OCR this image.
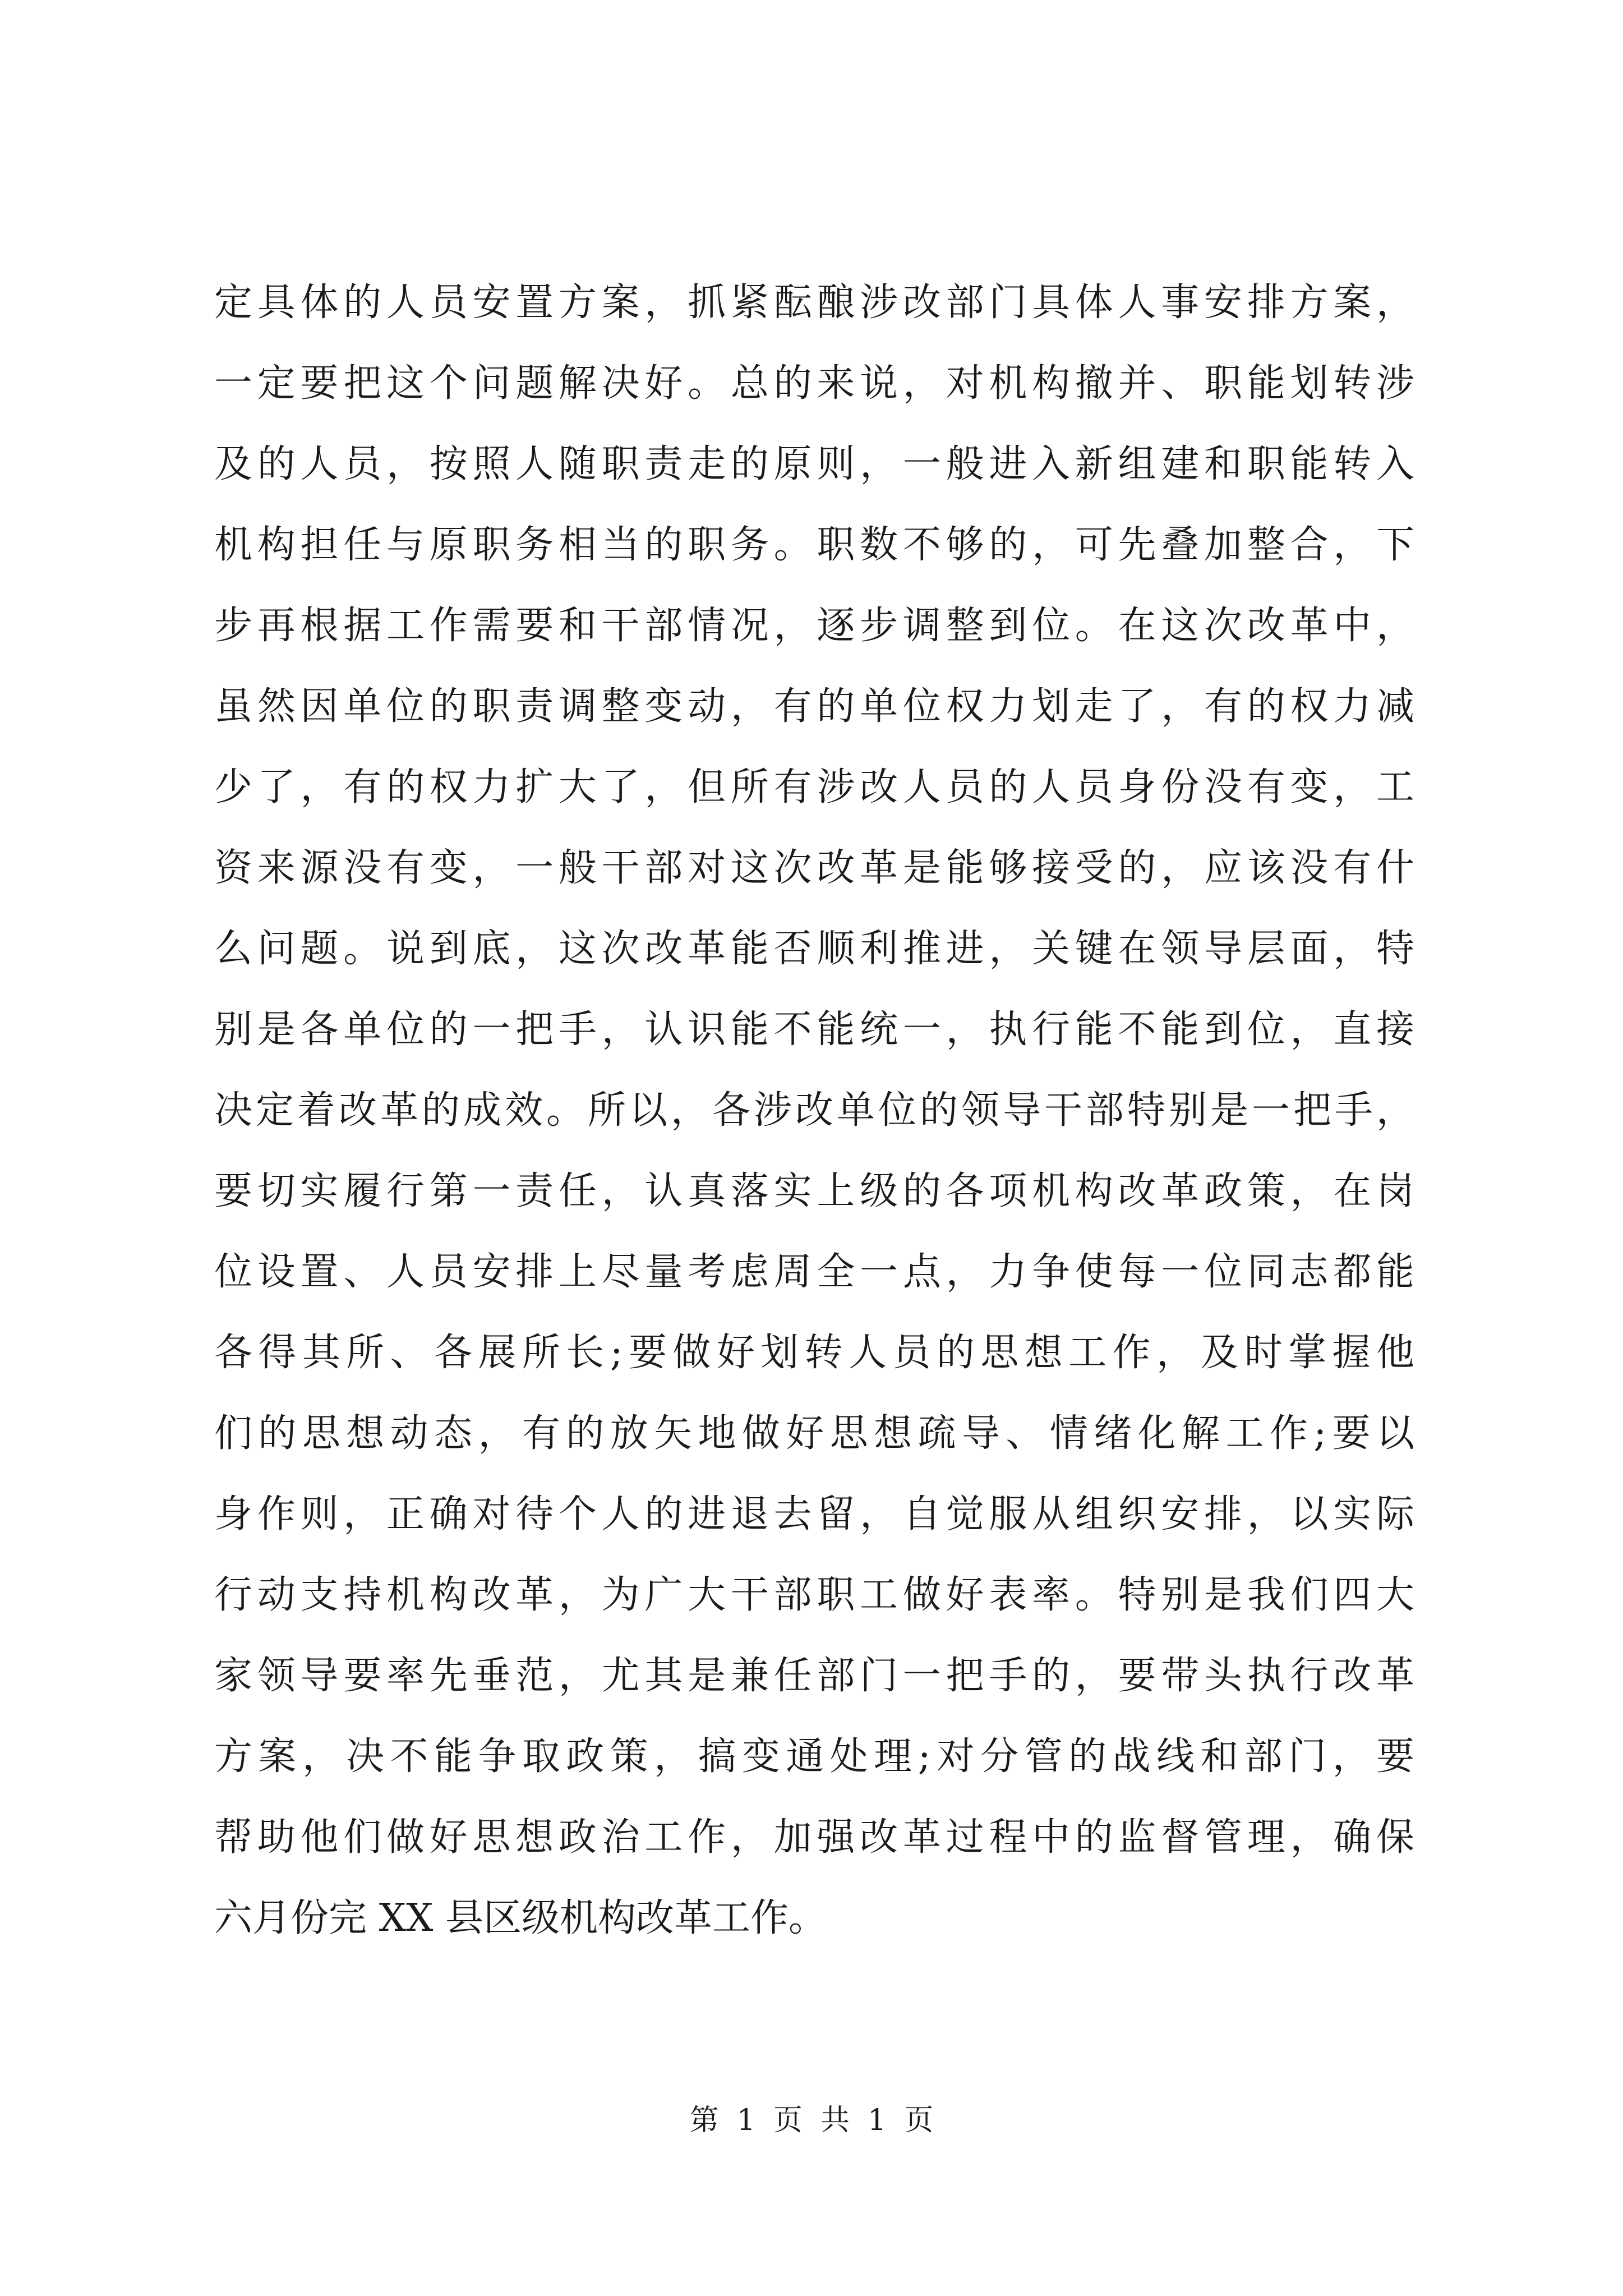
定具体的人员安置方案，抓紧酝酿涉改部门具体人事安排方案，
一定要把这个问题解决好。总的来说，对机构撤并、职能划转涉
及的人员，按照人随职责走的原则，一般进入新组建和职能转入
机构担任与原职务相当的职务。职数不够的，可先叠加整合，下
步再根据工作需要和干部情况，逐步调整到位。在这次改革中，
虽然因单位的职责调整变动，有的单位权力划走了，有的权力减
少了，有的权力扩大了，但所有涉改人员的人员身份没有变，工
资来源没有变，一般干部对这次改革是能够接受的，应该没有什
么问题。说到底，这次改革能否顺利推进，关键在领导层面，特
别是各单位的一把手，认识能不能统一，执行能不能到位，直接
决定着改革的成效。所以，各涉改单位的领导干部特别是一把手，
要切实履行第一责任，认真落实上级的各项机构改革政策，在岗
位设置、人员安排上尽量考虑周全一点，力争使每一位同志都能
各得其所、各展所长;要做好划转人员的思想工作，及时掌握他
们的思想动态，有的放矢地做好思想疏导、情绪化解工作;要以
身作则，正确对待个人的进退去留，自觉服从组织安排，以实际
行动支持机构改革，为广大干部职工做好表率。特别是我们四大
家领导要率先垂范，尤其是兼任部门一把手的，要带头执行改革
方案，决不能争取政策，搞变通处理;对分管的战线和部门，要
帮助他们做好思想政治工作，加强改革过程中的监督管理，确保
六月份完 XX 县区级机构改革工作。
第 1 页 共 1 页
